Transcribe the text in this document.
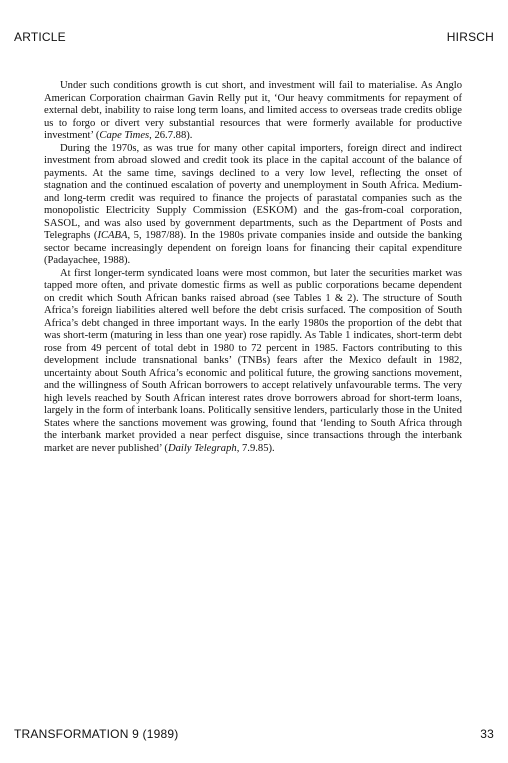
ARTICLE	HIRSCH

Under such conditions growth is cut short, and investment will fail to materialise. As Anglo American Corporation chairman Gavin Relly put it, ‘Our heavy commitments for repayment of external debt, inability to raise long term loans, and limited access to overseas trade credits oblige us to forgo or divert very substantial resources that were formerly available for productive investment’ (Cape Times, 26.7.88).

During the 1970s, as was true for many other capital importers, foreign direct and indirect investment from abroad slowed and credit took its place in the capital account of the balance of payments. At the same time, savings declined to a very low level, reflecting the onset of stagnation and the continued escalation of poverty and unemployment in South Africa. Medium- and long-term credit was required to finance the projects of parastatal companies such as the monopolistic Electricity Supply Commission (ESKOM) and the gas-from-coal corporation, SASOL, and was also used by government departments, such as the Department of Posts and Telegraphs (ICABA, 5, 1987/88). In the 1980s private companies inside and outside the banking sector became increasingly dependent on foreign loans for financing their capital expenditure (Padayachee, 1988).

At first longer-term syndicated loans were most common, but later the securities market was tapped more often, and private domestic firms as well as public corporations became dependent on credit which South African banks raised abroad (see Tables 1 & 2). The structure of South Africa’s foreign liabilities altered well before the debt crisis surfaced. The composition of South Africa’s debt changed in three important ways. In the early 1980s the proportion of the debt that was short-term (maturing in less than one year) rose rapidly. As Table 1 indicates, short-term debt rose from 49 percent of total debt in 1980 to 72 percent in 1985. Factors contributing to this development include transnational banks’ (TNBs) fears after the Mexico default in 1982, uncertainty about South Africa’s economic and political future, the growing sanctions movement, and the willingness of South African borrowers to accept relatively unfavourable terms. The very high levels reached by South African interest rates drove borrowers abroad for short-term loans, largely in the form of interbank loans. Politically sensitive lenders, particularly those in the United States where the sanctions movement was growing, found that ‘lending to South Africa through the interbank market provided a near perfect disguise, since transactions through the interbank market are never published’ (Daily Telegraph, 7.9.85).

TRANSFORMATION 9 (1989)	33
